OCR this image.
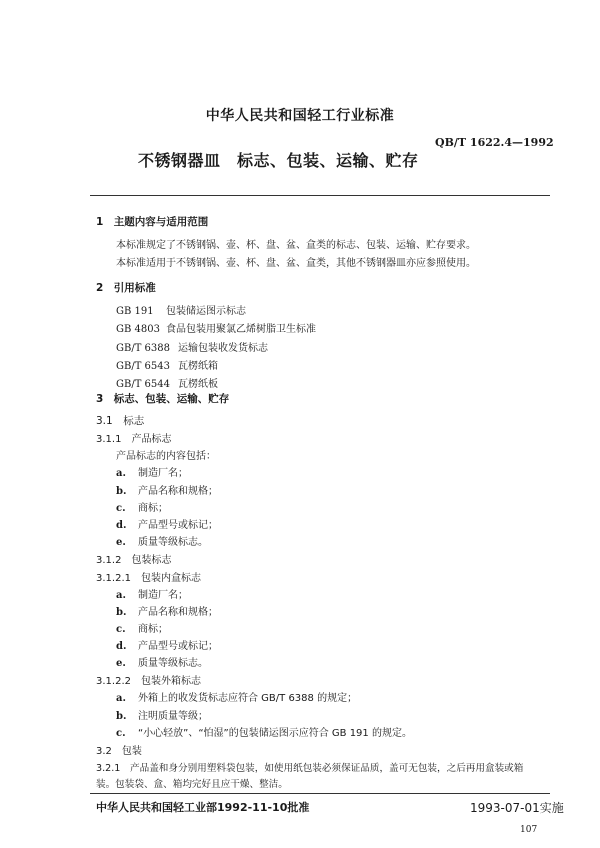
中华人民共和国轻工行业标准
QB/T 1622.4—1992
不锈钢器皿　标志、包装、运输、贮存
1　主题内容与适用范围
本标准规定了不锈钢锅、壶、杯、盘、盆、盒类的标志、包装、运输、贮存要求。
本标准适用于不锈钢锅、壶、杯、盘、盆、盒类，其他不锈钢器皿亦应参照使用。
2　引用标准
GB 191 包装储运图示标志
GB 4803 食品包装用聚氯乙烯树脂卫生标准
GB/T 6388 运输包装收发货标志
GB/T 6543 瓦楞纸箱
GB/T 6544 瓦楞纸板
3　标志、包装、运输、贮存
3.1　标志
3.1.1　产品标志
产品标志的内容包括：
a. 制造厂名；
b. 产品名称和规格；
c. 商标；
d. 产品型号或标记；
e. 质量等级标志。
3.1.2　包装标志
3.1.2.1　包装内盒标志
a. 制造厂名；
b. 产品名称和规格；
c. 商标；
d. 产品型号或标记；
e. 质量等级标志。
3.1.2.2　包装外箱标志
a. 外箱上的收发货标志应符合 GB/T 6388 的规定；
b. 注明质量等级；
c. “小心轻放”、“怕湿”的包装储运图示应符合 GB 191 的规定。
3.2　包装
3.2.1　产品盖和身分别用塑料袋包装，如使用纸包装必须保证品质，盖可无包装，之后再用盒装或箱
装。包装袋、盒、箱均完好且应干燥、整洁。
中华人民共和国轻工业部1992-11-10批准	1993-07-01实施
107
